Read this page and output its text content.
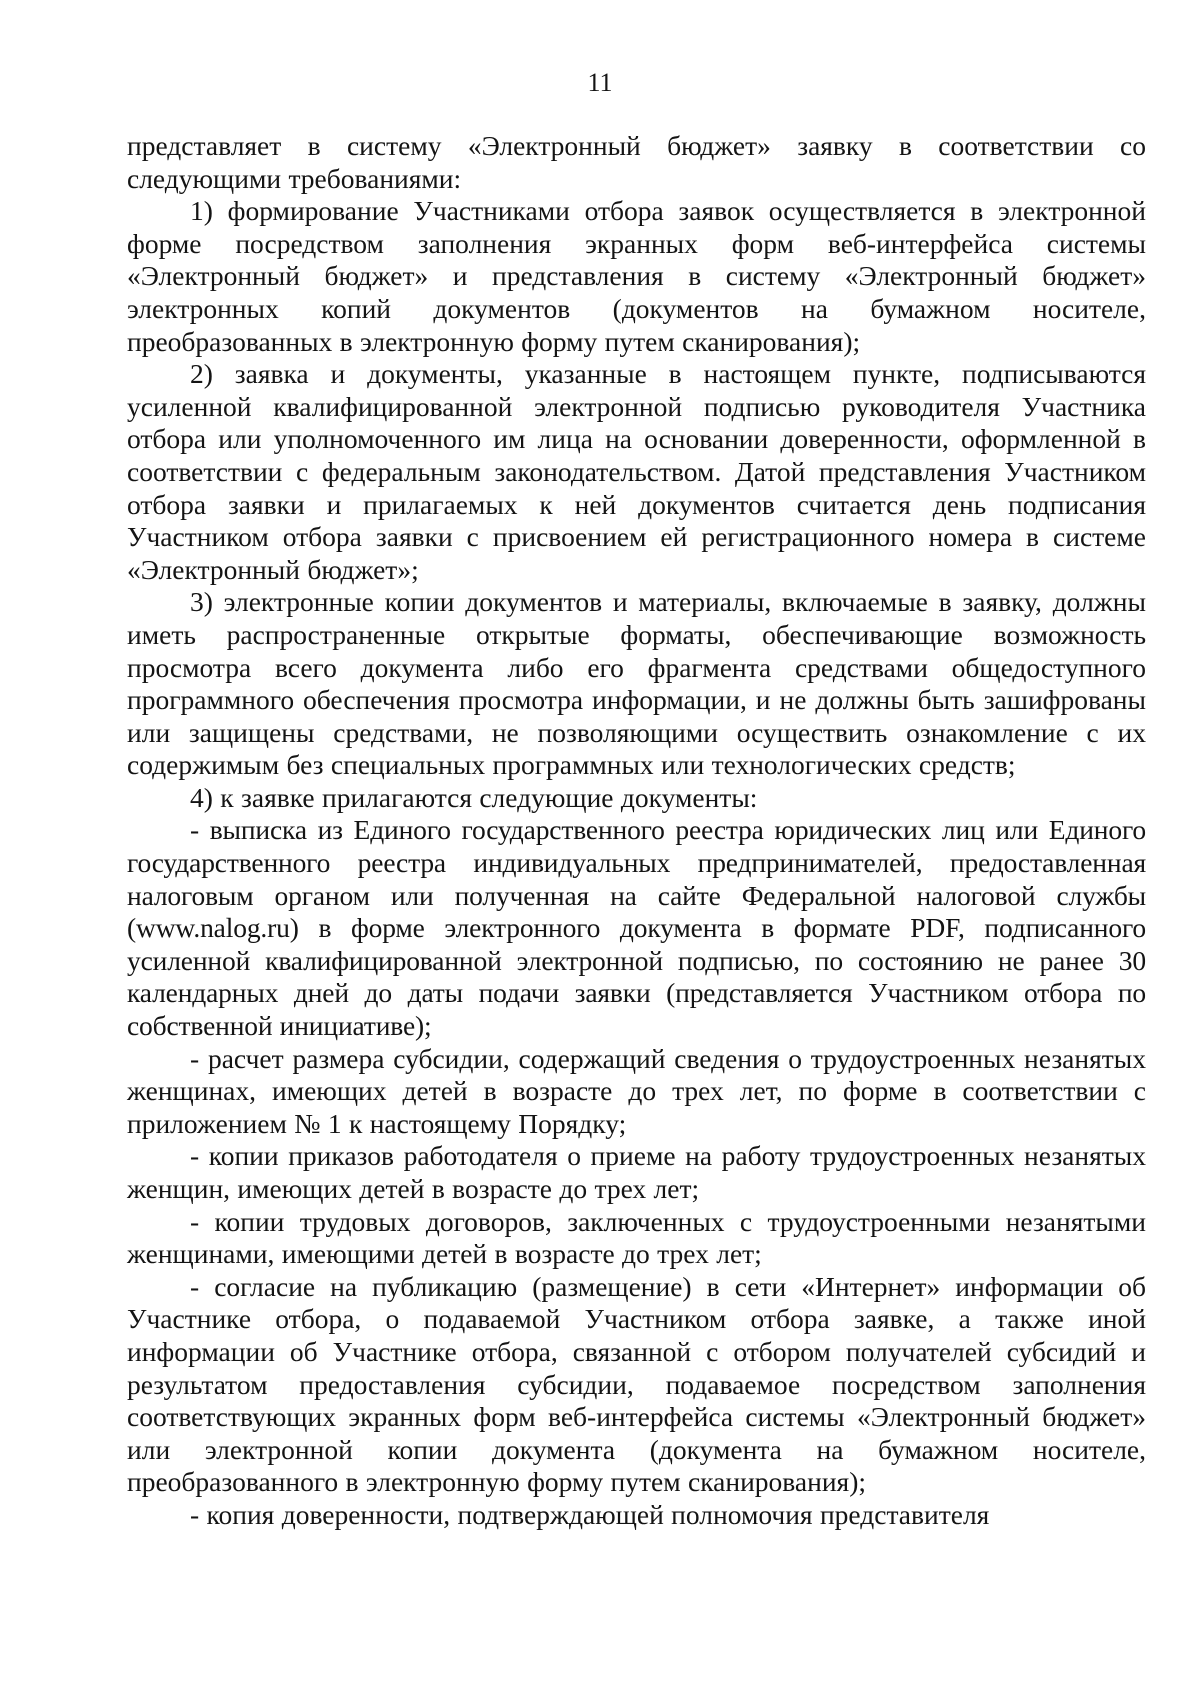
11

представляет в систему «Электронный бюджет» заявку в соответствии со следующими требованиями:

1) формирование Участниками отбора заявок осуществляется в электронной форме посредством заполнения экранных форм веб-интерфейса системы «Электронный бюджет» и представления в систему «Электронный бюджет» электронных копий документов (документов на бумажном носителе, преобразованных в электронную форму путем сканирования);

2) заявка и документы, указанные в настоящем пункте, подписываются усиленной квалифицированной электронной подписью руководителя Участника отбора или уполномоченного им лица на основании доверенности, оформленной в соответствии с федеральным законодательством. Датой представления Участником отбора заявки и прилагаемых к ней документов считается день подписания Участником отбора заявки с присвоением ей регистрационного номера в системе «Электронный бюджет»;

3) электронные копии документов и материалы, включаемые в заявку, должны иметь распространенные открытые форматы, обеспечивающие возможность просмотра всего документа либо его фрагмента средствами общедоступного программного обеспечения просмотра информации, и не должны быть зашифрованы или защищены средствами, не позволяющими осуществить ознакомление с их содержимым без специальных программных или технологических средств;

4) к заявке прилагаются следующие документы:

- выписка из Единого государственного реестра юридических лиц или Единого государственного реестра индивидуальных предпринимателей, предоставленная налоговым органом или полученная на сайте Федеральной налоговой службы (www.nalog.ru) в форме электронного документа в формате PDF, подписанного усиленной квалифицированной электронной подписью, по состоянию не ранее 30 календарных дней до даты подачи заявки (представляется Участником отбора по собственной инициативе);

- расчет размера субсидии, содержащий сведения о трудоустроенных незанятых женщинах, имеющих детей в возрасте до трех лет, по форме в соответствии с приложением № 1 к настоящему Порядку;

- копии приказов работодателя о приеме на работу трудоустроенных незанятых женщин, имеющих детей в возрасте до трех лет;

- копии трудовых договоров, заключенных с трудоустроенными незанятыми женщинами, имеющими детей в возрасте до трех лет;

- согласие на публикацию (размещение) в сети «Интернет» информации об Участнике отбора, о подаваемой Участником отбора заявке, а также иной информации об Участнике отбора, связанной с отбором получателей субсидий и результатом предоставления субсидии, подаваемое посредством заполнения соответствующих экранных форм веб-интерфейса системы «Электронный бюджет» или электронной копии документа (документа на бумажном носителе, преобразованного в электронную форму путем сканирования);

- копия доверенности, подтверждающей полномочия представителя
